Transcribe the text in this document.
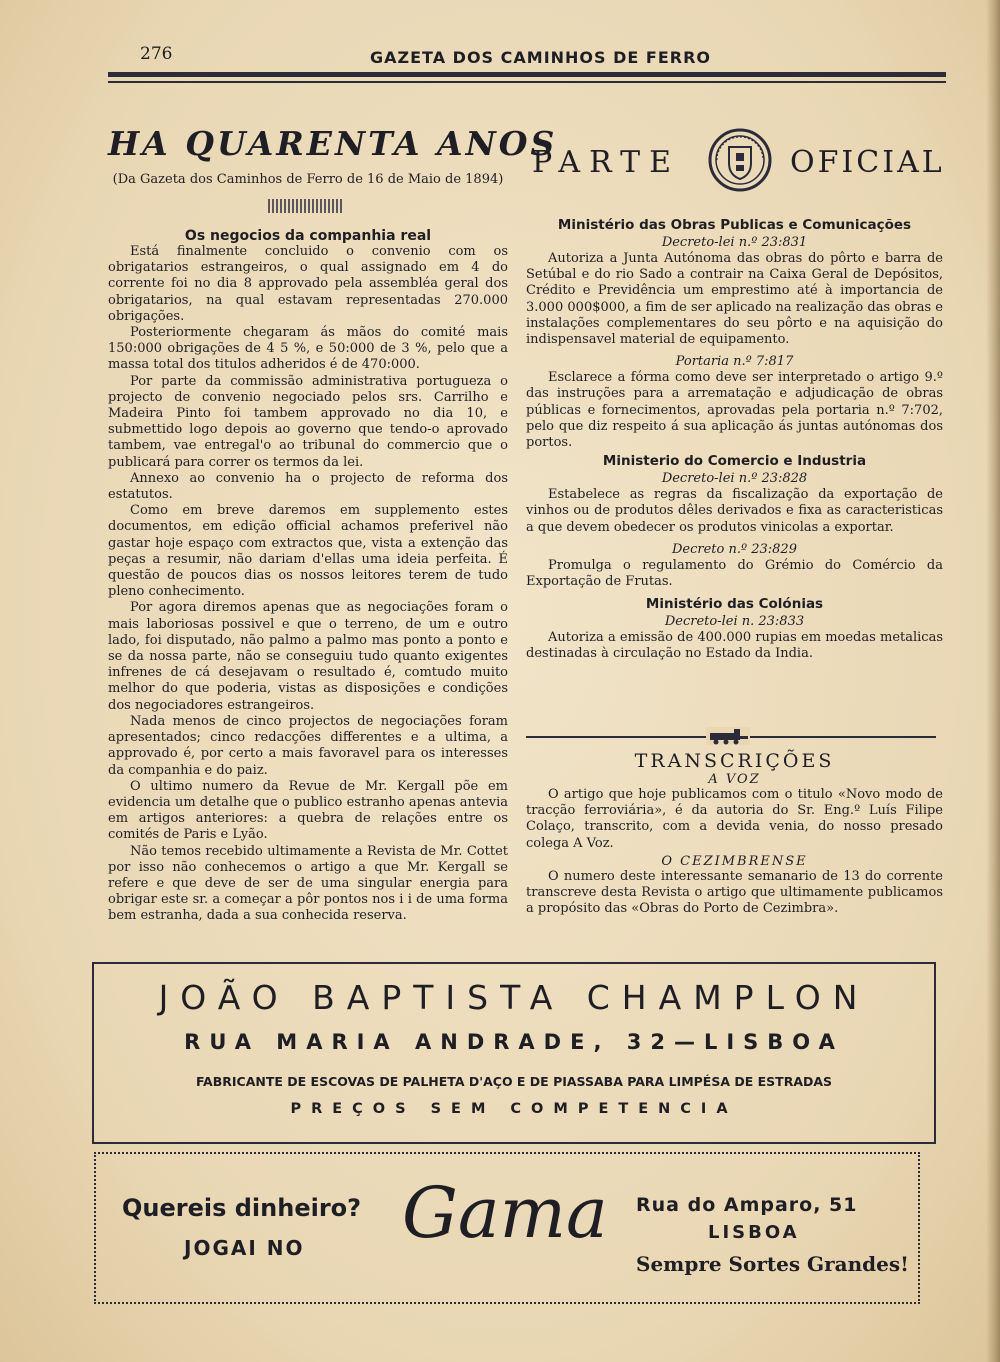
276	GAZETA DOS CAMINHOS DE FERRO
HA QUARENTA ANOS
(Da Gazeta dos Caminhos de Ferro de 16 de Maio de 1894)
Os negocios da companhia real

Está finalmente concluido o convenio com os obrigatarios estrangeiros, o qual assignado em 4 do corrente foi no dia 8 approvado pela assembléa geral dos obrigatarios, na qual estavam representadas 270.000 obrigações.

Posteriormente chegaram ás mãos do comité mais 150:000 obrigações de 4 5 %, e 50:000 de 3 %, pelo que a massa total dos titulos adheridos é de 470:000.

Por parte da commissão administrativa portugueza o projecto de convenio negociado pelos srs. Carrilho e Madeira Pinto foi tambem approvado no dia 10, e submettido logo depois ao governo que tendo-o aprovado tambem, vae entregal'o ao tribunal do commercio que o publicará para correr os termos da lei.

Annexo ao convenio ha o projecto de reforma dos estatutos.

Como em breve daremos em supplemento estes documentos, em edição official achamos preferivel não gastar hoje espaço com extractos que, vista a extenção das peças a resumir, não dariam d'ellas uma ideia perfeita. É questão de poucos dias os nossos leitores terem de tudo pleno conhecimento.

Por agora diremos apenas que as negociações foram o mais laboriosas possivel e que o terreno, de um e outro lado, foi disputado, não palmo a palmo mas ponto a ponto e se da nossa parte, não se conseguiu tudo quanto exigentes infrenes de cá desejavam o resultado é, comtudo muito melhor do que poderia, vistas as disposições e condições dos negociadores estrangeiros.

Nada menos de cinco projectos de negociações foram apresentados; cinco redacções differentes e a ultima, a approvado é, por certo a mais favoravel para os interesses da companhia e do paiz.

O ultimo numero da Revue de Mr. Kergall põe em evidencia um detalhe que o publico estranho apenas antevia em artigos anteriores: a quebra de relações entre os comités de Paris e Lyão.

Não temos recebido ultimamente a Revista de Mr. Cottet por isso não conhecemos o artigo a que Mr. Kergall se refere e que deve de ser de uma singular energia para obrigar este sr. a começar a pôr pontos nos i i de uma forma bem estranha, dada a sua conhecida reserva.

PARTE	OFICIAL
Ministério das Obras Publicas e Comunicações
Decreto-lei n.º 23:831

Autoriza a Junta Autónoma das obras do pôrto e barra de Setúbal e do rio Sado a contrair na Caixa Geral de Depósitos, Crédito e Previdência um emprestimo até à importancia de 3.000 000$000, a fim de ser aplicado na realização das obras e instalações complementares do seu pôrto e na aquisição do indispensavel material de equipamento.

Portaria n.º 7:817

Esclarece a fórma como deve ser interpretado o artigo 9.º das instruções para a arrematação e adjudicação de obras públicas e fornecimentos, aprovadas pela portaria n.º 7:702, pelo que diz respeito á sua aplicação ás juntas autónomas dos portos.

Ministerio do Comercio e Industria
Decreto-lei n.º 23:828

Estabelece as regras da fiscalização da exportação de vinhos ou de produtos dêles derivados e fixa as caracteristicas a que devem obedecer os produtos vinicolas a exportar.

Decreto n.º 23:829

Promulga o regulamento do Grémio do Comércio da Exportação de Frutas.

Ministério das Colónias
Decreto-lei n. 23:833

Autoriza a emissão de 400.000 rupias em moedas metalicas destinadas à circulação no Estado da India.

TRANSCRIÇÕES
A VOZ

O artigo que hoje publicamos com o titulo «Novo modo de tracção ferroviária», é da autoria do Sr. Eng.º Luís Filipe Colaço, transcrito, com a devida venia, do nosso presado colega A Voz.

O CEZIMBRENSE

O numero deste interessante semanario de 13 do corrente transcreve desta Revista o artigo que ultimamente publicamos a propósito das «Obras do Porto de Cezimbra».

JOÃO BAPTISTA CHAMPLON
RUA MARIA ANDRADE, 32—LISBOA
FABRICANTE DE ESCOVAS DE PALHETA D'AÇO E DE PIASSABA PARA LIMPÉSA DE ESTRADAS
PREÇOS SEM COMPETENCIA
Quereis dinheiro?
JOGAI NO Gama Rua do Amparo, 51
LISBOA
Sempre Sortes Grandes!
